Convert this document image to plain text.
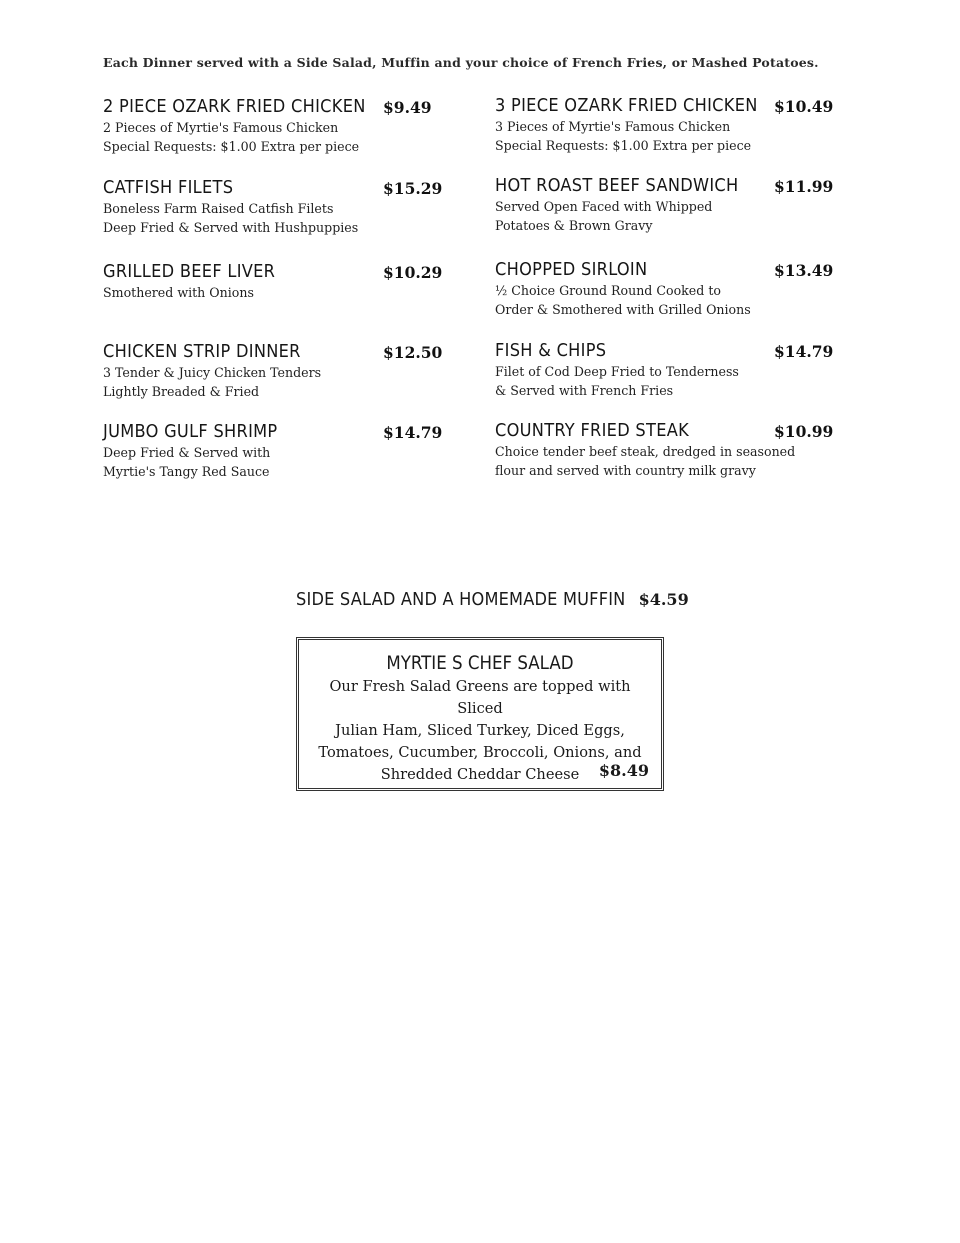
Each Dinner served with a Side Salad, Muffin and your choice of French Fries, or Mashed Potatoes.
2 PIECE OZARK FRIED CHICKEN
2 Pieces of Myrtie's Famous Chicken
Special Requests: $1.00 Extra per piece
$9.49
CATFISH FILETS
Boneless Farm Raised Catfish Filets
Deep Fried & Served with Hushpuppies
$15.29
GRILLED BEEF LIVER
Smothered with Onions
$10.29
CHICKEN STRIP DINNER
3 Tender & Juicy Chicken Tenders
Lightly Breaded & Fried
$12.50
JUMBO GULF SHRIMP
Deep Fried & Served with
Myrtie's Tangy Red Sauce
$14.79
3 PIECE OZARK FRIED CHICKEN
3 Pieces of Myrtie's Famous Chicken
Special Requests: $1.00 Extra per piece
$10.49
HOT ROAST BEEF SANDWICH
Served Open Faced with Whipped
Potatoes & Brown Gravy
$11.99
CHOPPED SIRLOIN
½ Choice Ground Round Cooked to
Order & Smothered with Grilled Onions
$13.49
FISH & CHIPS
Filet of Cod Deep Fried to Tenderness
& Served with French Fries
$14.79
COUNTRY FRIED STEAK
Choice tender beef steak, dredged in seasoned
flour and served with country milk gravy
$10.99
SIDE SALAD AND A HOMEMADE MUFFIN $4.59
MYRTIE S CHEF SALAD
Our Fresh Salad Greens are topped with Sliced
Julian Ham, Sliced Turkey, Diced Eggs,
Tomatoes, Cucumber, Broccoli, Onions, and
Shredded Cheddar Cheese	$8.49
